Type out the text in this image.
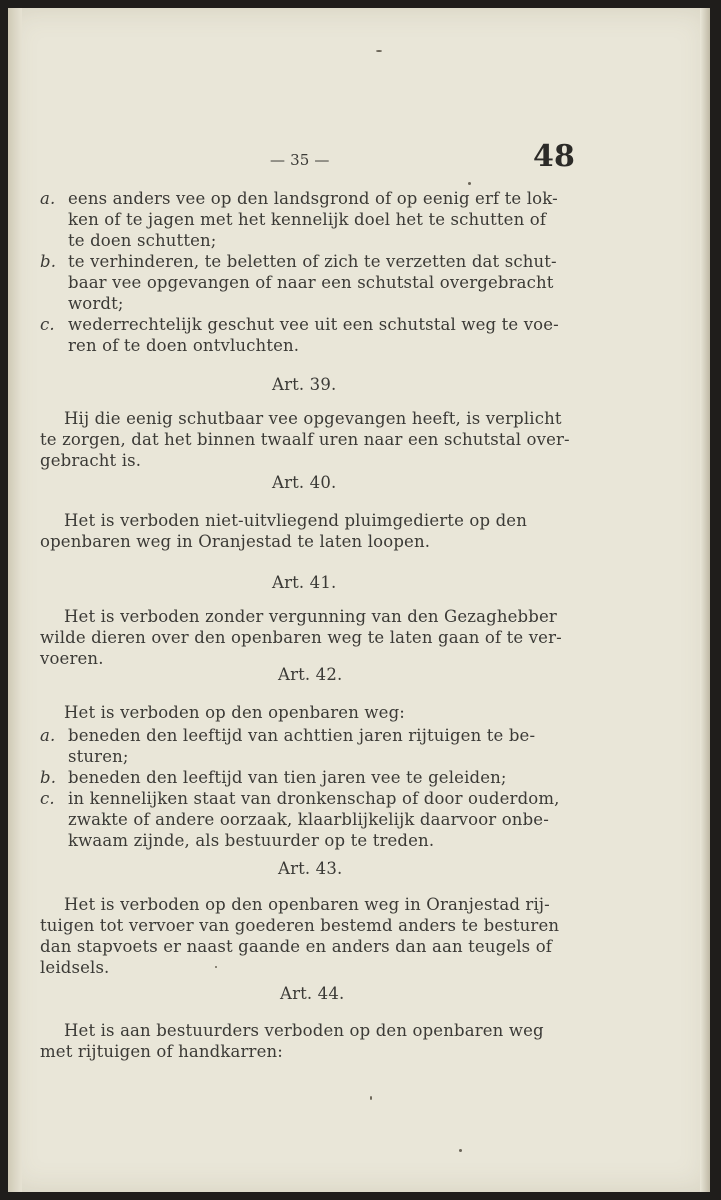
— 35 —	48
a. eens anders vee op den landsgrond of op eenig erf te lok-
ken of te jagen met het kennelijk doel het te schutten of
te doen schutten;
b. te verhinderen, te beletten of zich te verzetten dat schut-
baar vee opgevangen of naar een schutstal overgebracht
wordt;
c. wederrechtelijk geschut vee uit een schutstal weg te voe-
ren of te doen ontvluchten.
Art. 39.
Hij die eenig schutbaar vee opgevangen heeft, is verplicht
te zorgen, dat het binnen twaalf uren naar een schutstal over-
gebracht is.
Art. 40.
Het is verboden niet-uitvliegend pluimgedierte op den
openbaren weg in Oranjestad te laten loopen.
Art. 41.
Het is verboden zonder vergunning van den Gezaghebber
wilde dieren over den openbaren weg te laten gaan of te ver-
voeren.
Art. 42.
Het is verboden op den openbaren weg:
a. beneden den leeftijd van achttien jaren rijtuigen te be-
sturen;
b. beneden den leeftijd van tien jaren vee te geleiden;
c. in kennelijken staat van dronkenschap of door ouderdom,
zwakte of andere oorzaak, klaarblijkelijk daarvoor onbe-
kwaam zijnde, als bestuurder op te treden.
Art. 43.
Het is verboden op den openbaren weg in Oranjestad rij-
tuigen tot vervoer van goederen bestemd anders te besturen
dan stapvoets er naast gaande en anders dan aan teugels of
leidsels.
Art. 44.
Het is aan bestuurders verboden op den openbaren weg
met rijtuigen of handkarren:
